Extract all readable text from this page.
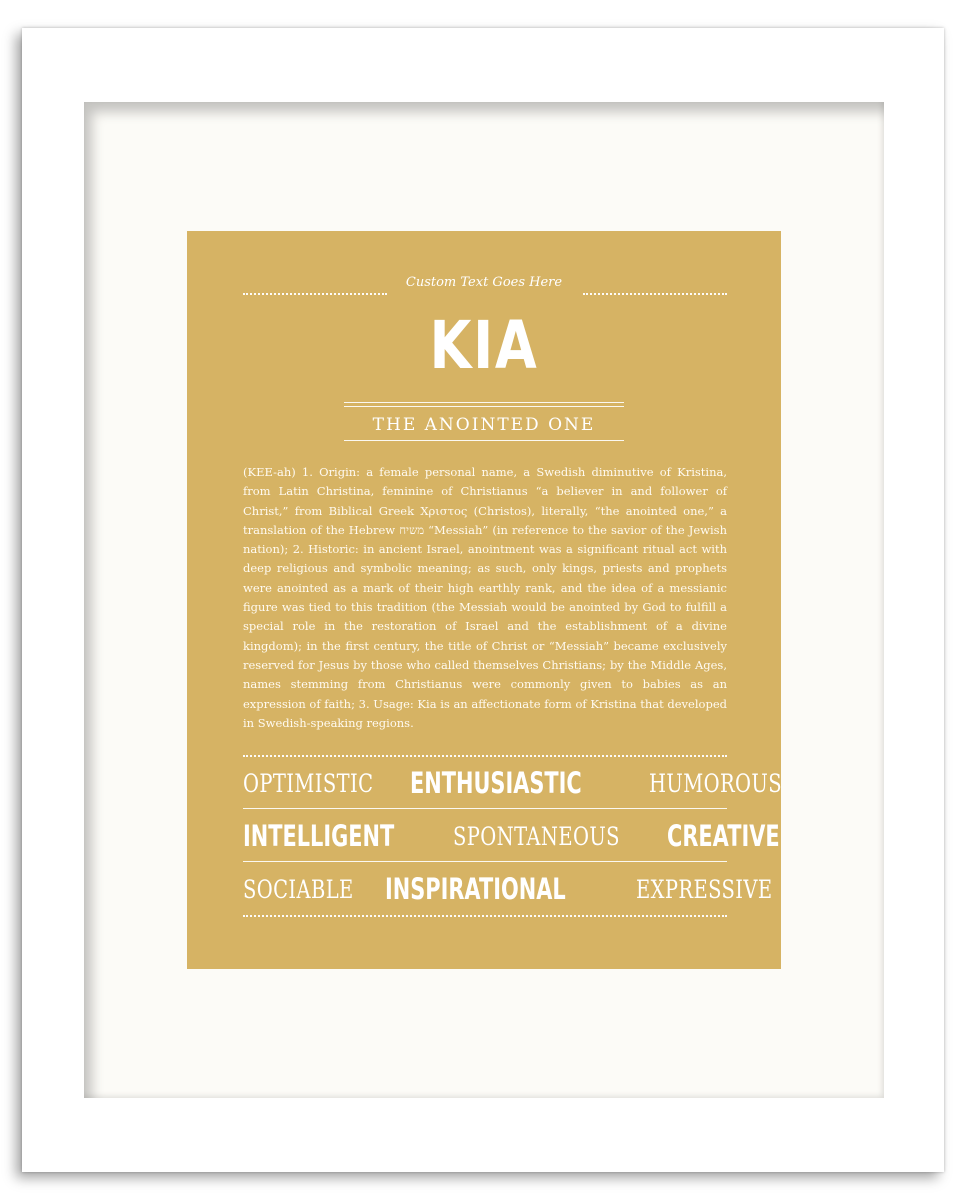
Custom Text Goes Here
KIA
THE ANOINTED ONE
(KEE-ah) 1. Origin: a female personal name, a Swedish diminutive of Kristina, from Latin Christina, feminine of Christianus “a believer in and follower of Christ,” from Biblical Greek Χριστος (Christos), literally, “the anointed one,” a translation of the Hebrew משיח “Messiah” (in reference to the savior of the Jewish nation); 2. Historic: in ancient Israel, anointment was a significant ritual act with deep religious and symbolic meaning; as such, only kings, priests and prophets were anointed as a mark of their high earthly rank, and the idea of a messianic figure was tied to this tradition (the Messiah would be anointed by God to fulfill a special role in the restoration of Israel and the establishment of a divine kingdom); in the first century, the title of Christ or “Messiah” became exclusively reserved for Jesus by those who called themselves Christians; by the Middle Ages, names stemming from Christianus were commonly given to babies as an expression of faith; 3. Usage: Kia is an affectionate form of Kristina that developed in Swedish-speaking regions.
OPTIMISTIC ENTHUSIASTIC	HUMOROUS
INTELLIGENT SPONTANEOUS CREATIVE
SOCIABLE INSPIRATIONAL	EXPRESSIVE
